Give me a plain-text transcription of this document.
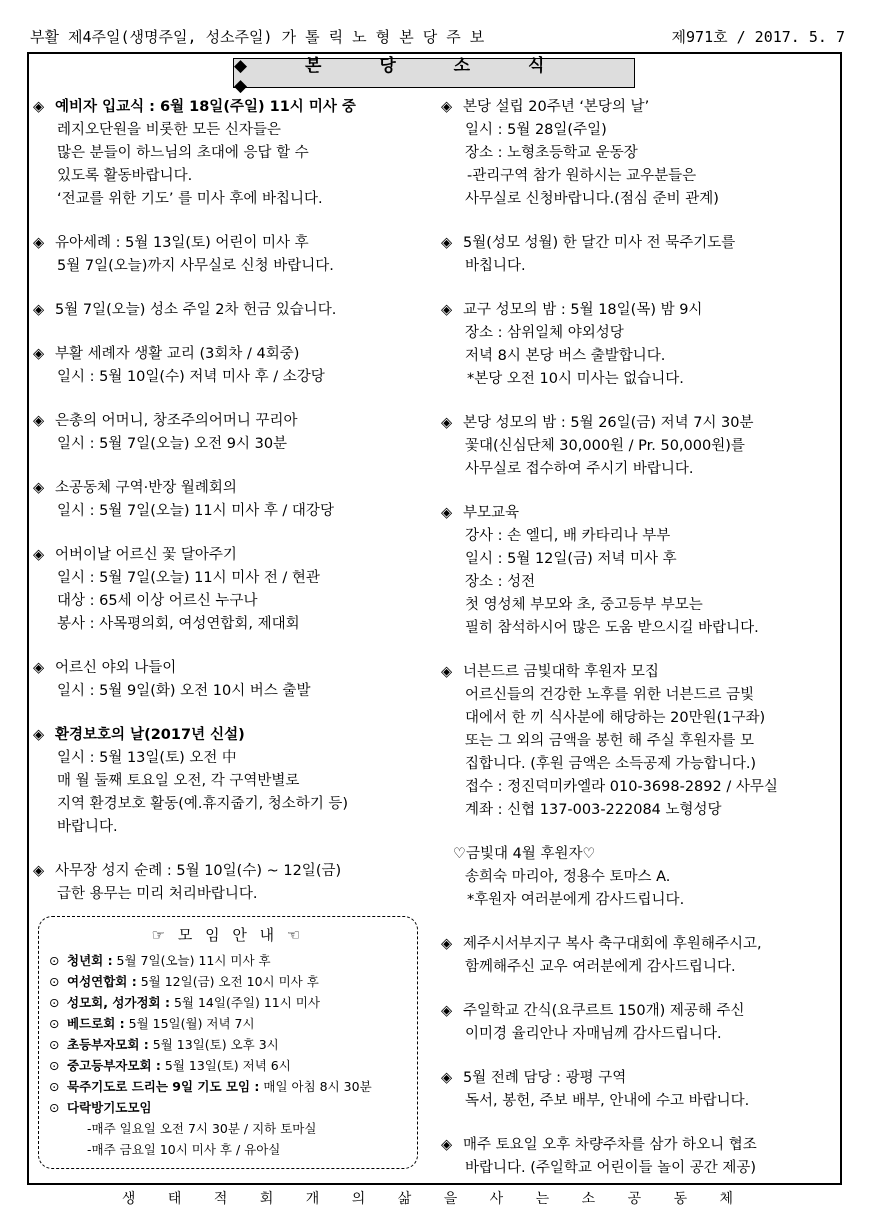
부활 제4주일(생명주일, 성소주일) 가 톨 릭 노 형 본 당 주 보	제971호 / 2017. 5. 7
◆ 본 당 소 식 ◆
◈ 예비자 입교식 : 6월 18일(주일) 11시 미사 중
레지오단원을 비롯한 모든 신자들은
많은 분들이 하느님의 초대에 응답 할 수
있도록 활동바랍니다.
‘전교를 위한 기도’ 를 미사 후에 바칩니다.
◈ 유아세례 : 5월 13일(토) 어린이 미사 후
5월 7일(오늘)까지 사무실로 신청 바랍니다.
◈ 5월 7일(오늘) 성소 주일 2차 헌금 있습니다.
◈ 부활 세례자 생활 교리 (3회차 / 4회중)
일시 : 5월 10일(수) 저녁 미사 후 / 소강당
◈ 은총의 어머니, 창조주의어머니 꾸리아
일시 : 5월 7일(오늘) 오전 9시 30분
◈ 소공동체 구역·반장 월례회의
일시 : 5월 7일(오늘) 11시 미사 후 / 대강당
◈ 어버이날 어르신 꽃 달아주기
일시 : 5월 7일(오늘) 11시 미사 전 / 현관
대상 : 65세 이상 어르신 누구나
봉사 : 사목평의회, 여성연합회, 제대회
◈ 어르신 야외 나들이
일시 : 5월 9일(화) 오전 10시 버스 출발
◈ 환경보호의 날(2017년 신설)
일시 : 5월 13일(토) 오전 中
매 월 둘째 토요일 오전, 각 구역반별로
지역 환경보호 활동(예.휴지줍기, 청소하기 등)
바랍니다.
◈ 사무장 성지 순례 : 5월 10일(수) ~ 12일(금)
급한 용무는 미리 처리바랍니다.
◈ 본당 설립 20주년 ‘본당의 날’
일시 : 5월 28일(주일)
장소 : 노형초등학교 운동장
-관리구역 참가 원하시는 교우분들은
사무실로 신청바랍니다.(점심 준비 관계)
◈ 5월(성모 성월) 한 달간 미사 전 묵주기도를
바칩니다.
◈ 교구 성모의 밤 : 5월 18일(목) 밤 9시
장소 : 삼위일체 야외성당
저녁 8시 본당 버스 출발합니다.
*본당 오전 10시 미사는 없습니다.
◈ 본당 성모의 밤 : 5월 26일(금) 저녁 7시 30분
꽃대(신심단체 30,000원 / Pr. 50,000원)를
사무실로 접수하여 주시기 바랍니다.
◈ 부모교육
강사 : 손 엘디, 배 카타리나 부부
일시 : 5월 12일(금) 저녁 미사 후
장소 : 성전
첫 영성체 부모와 초, 중고등부 부모는
필히 참석하시어 많은 도움 받으시길 바랍니다.
◈ 너븐드르 금빛대학 후원자 모집
어르신들의 건강한 노후를 위한 너븐드르 금빛
대에서 한 끼 식사분에 해당하는 20만원(1구좌)
또는 그 외의 금액을 봉헌 해 주실 후원자를 모
집합니다. (후원 금액은 소득공제 가능합니다.)
접수 : 정진덕미카엘라 010-3698-2892 / 사무실
계좌 : 신협 137-003-222084 노형성당
♡금빛대 4월 후원자♡
송희숙 마리아, 정용수 토마스 A.
*후원자 여러분에게 감사드립니다.
◈ 제주시서부지구 복사 축구대회에 후원해주시고,
함께해주신 교우 여러분에게 감사드립니다.
◈ 주일학교 간식(요쿠르트 150개) 제공해 주신
이미경 율리안나 자매님께 감사드립니다.
◈ 5월 전례 담당 : 광평 구역
독서, 봉헌, 주보 배부, 안내에 수고 바랍니다.
◈ 매주 토요일 오후 차량주차를 삼가 하오니 협조
바랍니다. (주일학교 어린이들 놀이 공간 제공)
☞ 모 임 안 내 ☜
⊙ 청년회 : 5월 7일(오늘) 11시 미사 후
⊙ 여성연합회 : 5월 12일(금) 오전 10시 미사 후
⊙ 성모회, 성가정회 : 5월 14일(주일) 11시 미사
⊙ 베드로회 : 5월 15일(월) 저녁 7시
⊙ 초등부자모회 : 5월 13일(토) 오후 3시
⊙ 중고등부자모회 : 5월 13일(토) 저녁 6시
⊙ 묵주기도로 드리는 9일 기도 모임 : 매일 아침 8시 30분
⊙ 다락방기도모임
-매주 일요일 오전 7시 30분 / 지하 토마실
-매주 금요일 10시 미사 후 / 유아실
생 태 적 회 개 의 삶 을 사 는 소 공 동 체
